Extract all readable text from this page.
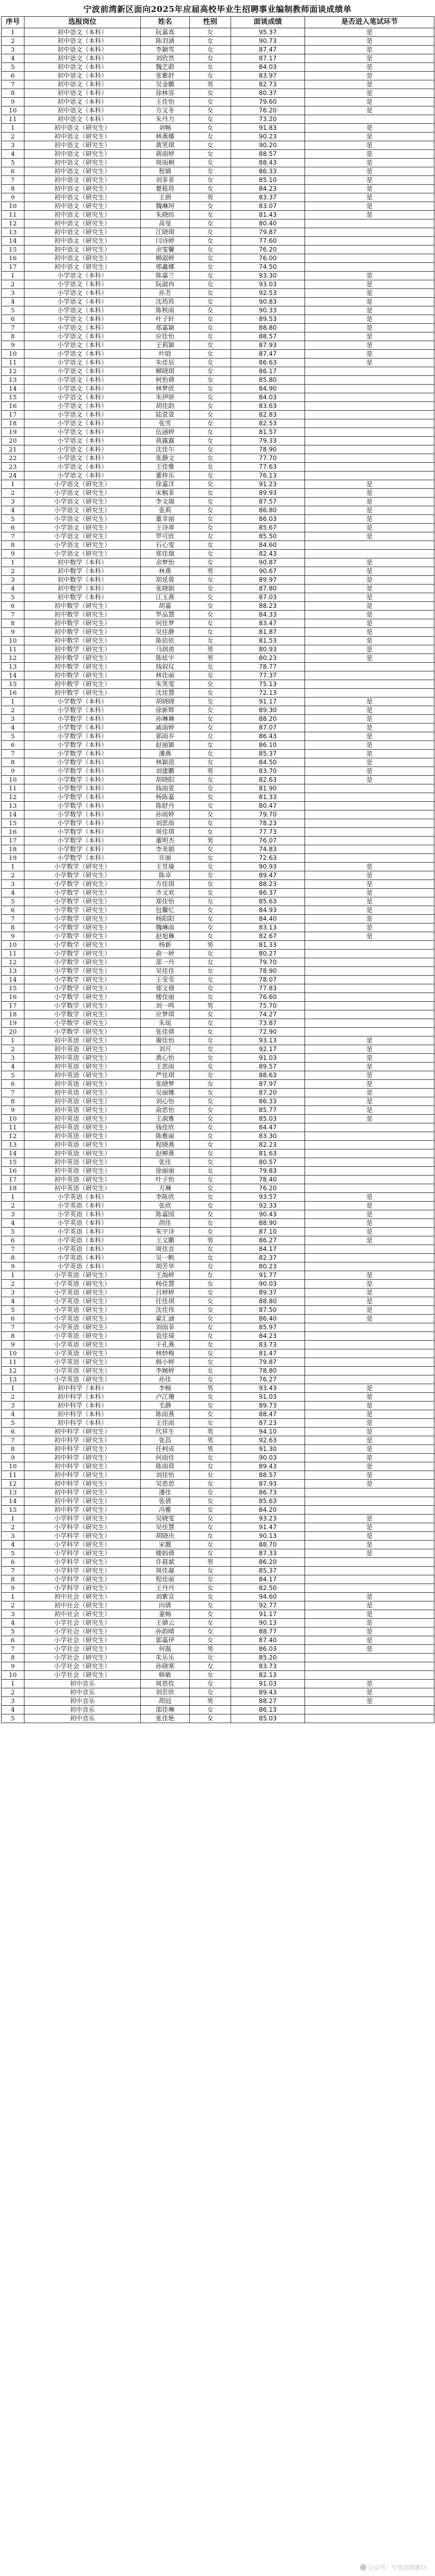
宁波前湾新区面向2025年应届高校毕业生招聘事业编制教师面谈成绩单
序号	选报岗位	姓名	性别	面谈成绩	是否进入笔试环节
1	初中语文（本科）	阮嘉真	女	95.37	是
2	初中语文（本科）	陈羽涵	女	90.73	是
3	初中语文（本科）	李颖雪	女	87.47	是
4	初中语文（本科）	刘欣然	女	87.17	是
5	初中语文（本科）	魏艺蔚	女	84.03	是
6	初中语文（本科）	张紫舒	女	83.97	是
7	初中语文（本科）	吴金鹏	男	82.73	是
8	初中语文（本科）	徐林容	女	80.37	是
9	初中语文（本科）	王佳怡	女	79.60	是
10	初中语文（本科）	方文冬	女	76.20	是
11	初中语文（本科）	朱丹力	女	73.20	
1	初中语文（研究生）	刘畅	女	91.83	是
2	初中语文（研究生）	林燕娜	女	90.23	是
3	初中语文（研究生）	黄笑琪	女	90.20	是
4	初中语文（研究生）	蒋雨婷	女	88.57	是
5	初中语文（研究生）	周雨桐	女	88.43	是
6	初中语文（研究生）	程婧	女	86.33	是
7	初中语文（研究生）	刘菲菲	女	85.10	是
8	初中语文（研究生）	楚筱筠	女	84.23	是
9	初中语文（研究生）	王朗	男	83.37	是
10	初中语文（研究生）	魏琳珂	女	83.07	是
11	初中语文（研究生）	朱晓纺	女	81.43	是
12	初中语文（研究生）	高旻	女	80.40	
13	初中语文（研究生）	江晓琪	女	79.87	
14	初中语文（研究生）	闫诗婷	女	77.60	
15	初中语文（研究生）	余雯馨	女	76.20	
16	初中语文（研究生）	柳淑婷	女	76.00	
17	初中语文（研究生）	邢鑫娜	女	74.50	
1	小学语文（本科）	陈嘉兰	女	93.30	是
2	小学语文（本科）	阮淑冉	女	93.03	是
3	小学语文（本科）	孙芳	女	92.53	是
4	小学语文（本科）	沈筠筠	女	90.83	是
5	小学语文（本科）	陈秋雨	女	90.33	是
6	小学语文（本科）	叶子轩	女	89.53	是
7	小学语文（本科）	郑嘉颖	女	88.80	是
8	小学语文（本科）	应佳怡	女	88.57	是
9	小学语文（本科）	王莉颖	女	87.93	是
10	小学语文（本科）	叶晗	女	87.47	是
11	小学语文（本科）	朱佳辰	女	86.63	是
12	小学语文（本科）	柳晓琪	女	86.17	
13	小学语文（本科）	柯怡倩	女	85.80	
14	小学语文（本科）	林梦欣	女	84.90	
15	小学语文（本科）	朱伊妍	女	84.03	
16	小学语文（本科）	胡佳韵	女	83.63	
17	小学语文（本科）	陆萱萱	女	82.83	
18	小学语文（本科）	张雪	女	82.53	
19	小学语文（本科）	伍涵婷	女	81.57	
20	小学语文（本科）	蒋露露	女	79.33	
21	小学语文（本科）	沈佳尔	女	78.90	
22	小学语文（本科）	张静文	女	77.70	
23	小学语文（本科）	王佳雅	女	77.63	
24	小学语文（本科）	董梓乐	女	76.13	
1	小学语文（研究生）	徐嘉洋	女	91.23	是
2	小学语文（研究生）	宋枫菲	女	89.93	是
3	小学语文（研究生）	李文瑞	女	87.57	是
4	小学语文（研究生）	张莉	女	86.80	是
5	小学语文（研究生）	董幸丽	女	86.03	是
6	小学语文（研究生）	王诗翠	女	85.67	是
7	小学语文（研究生）	罗可欣	女	85.50	是
8	小学语文（研究生）	石心雯	女	84.60	
9	小学语文（研究生）	郑佳瑞	女	82.43	
1	初中数学（本科）	余梦怡	女	90.87	是
2	初中数学（本科）	林燕	男	90.67	是
3	初中数学（本科）	胡延蓉	女	89.97	是
4	初中数学（本科）	张晓娟	女	87.80	是
5	初中数学（本科）	江玉燕	女	87.03	是
6	初中数学（研究生）	胡嘉	女	88.23	是
7	初中数学（研究生）	罗品慧	女	84.33	是
8	初中数学（研究生）	何佳梦	女	83.47	是
9	初中数学（研究生）	吴佳静	女	81.87	是
10	初中数学（研究生）	陈依依	女	81.53	是
11	初中数学（研究生）	马润甫	男	80.93	是
12	初中数学（研究生）	陈炫宇	男	80.23	是
13	初中数学（研究生）	钱叙仪	女	78.77	
14	初中数学（研究生）	林佳丽	女	77.37	
15	初中数学（研究生）	朱笑雯	女	75.13	
16	初中数学（研究生）	沈佳慧	女	72.13	
1	小学数学（本科）	胡晓晓	女	91.17	是
2	小学数学（本科）	徐新辉	女	89.30	是
3	小学数学（本科）	孙琳琳	女	88.20	是
4	小学数学（本科）	戚雨婷	女	87.07	是
5	小学数学（本科）	郭雨乔	女	86.43	是
6	小学数学（本科）	赵丽颖	女	86.10	是
7	小学数学（本科）	潘燕	女	85.37	是
8	小学数学（本科）	林颖茵	女	84.50	是
9	小学数学（本科）	刘建鹏	男	83.70	是
10	小学数学（本科）	胡晓阳	女	82.63	是
11	小学数学（本科）	钱雨萱	女	81.90	
12	小学数学（本科）	杨陈嘉	女	81.33	
13	小学数学（本科）	陈舒丹	女	80.47	
14	小学数学（本科）	孙雨婷	女	79.70	
15	小学数学（本科）	刘思雨	女	78.23	
16	小学数学（本科）	周佳琪	女	77.73	
17	小学数学（本科）	董明杰	男	76.07	
18	小学数学（本科）	李美娟	女	74.83	
19	小学数学（本科）	许丽	女	72.63	
1	小学数学（研究生）	王昱瑜	女	90.93	是
2	小学数学（研究生）	陈卓	女	89.47	是
3	小学数学（研究生）	方佳琪	女	88.23	是
4	小学数学（研究生）	齐文欢	女	86.37	是
5	小学数学（研究生）	郑佳怡	女	85.63	是
6	小学数学（研究生）	包馨忆	女	84.93	是
7	小学数学（研究生）	杨阳阳	女	84.40	是
8	小学数学（研究生）	魏琳雨	女	83.13	是
9	小学数学（研究生）	赵旭琳	女	82.67	是
10	小学数学（研究生）	杨新	男	81.33	
11	小学数学（研究生）	俞一婷	女	80.27	
12	小学数学（研究生）	邵一丹	女	79.70	
13	小学数学（研究生）	吴佳佳	女	78.90	
14	小学数学（研究生）	王莹莹	女	78.07	
15	小学数学（研究生）	郑文倩	女	77.83	
16	小学数学（研究生）	楼佳丽	女	76.60	
17	小学数学（研究生）	刘一鸣	男	75.70	
18	小学数学（研究生）	应梦琪	女	74.27	
19	小学数学（研究生）	朱瑶	女	73.87	
20	小学数学（研究生）	张佳倩	女	72.90	
1	初中英语（研究生）	谢佳怡	女	93.13	是
2	初中英语（研究生）	刘月	女	92.17	是
3	初中英语（研究生）	黄心怡	女	91.03	是
4	初中英语（研究生）	王思雨	女	89.57	是
5	初中英语（研究生）	严佳琪	女	88.63	是
6	初中英语（研究生）	张晓梦	女	87.97	是
7	初中英语（研究生）	吴丽娜	女	87.20	是
8	初中英语（研究生）	刘心怡	女	86.33	是
9	初中英语（研究生）	俞思怡	女	85.77	是
10	初中英语（研究生）	王淑雅	女	85.03	是
11	初中英语（研究生）	钱佳欣	女	84.47	
12	初中英语（研究生）	陈雅丽	女	83.30	
13	初中英语（研究生）	程晓燕	女	82.23	
14	初中英语（研究生）	赵柳燕	女	81.63	
15	初中英语（研究生）	张佳	女	80.57	
16	初中英语（研究生）	徐丽丽	女	79.83	
17	初中英语（研究生）	叶子怡	女	78.40	
18	初中英语（研究生）	方琳	女	76.20	
1	小学英语（本科）	李陈欣	女	93.57	是
2	小学英语（本科）	张欣	女	92.33	是
3	小学英语（本科）	陈嘉园	女	90.43	是
4	小学英语（本科）	胡佳	女	88.90	是
5	小学英语（本科）	朱宇诗	女	87.10	是
6	小学英语（本科）	王文鹏	男	86.27	是
7	小学英语（本科）	周佳音	女	84.17	
8	小学英语（本科）	吴一帆	女	82.37	
9	小学英语（本科）	胡芳华	女	80.23	
1	小学英语（研究生）	王海婷	女	91.77	是
2	小学英语（研究生）	杨佳慧	女	90.03	是
3	小学英语（研究生）	吕婷婷	女	89.37	是
4	小学英语（研究生）	任佳琪	女	88.80	是
5	小学英语（研究生）	沈佳伟	女	87.50	是
6	小学英语（研究生）	翟汇涵	女	86.40	是
7	小学英语（研究生）	刘雨菲	女	85.97	
8	小学英语（研究生）	袁佳琦	女	84.23	
9	小学英语（研究生）	于孔燕	女	83.73	
10	小学英语（研究生）	林妙梅	女	81.47	
11	小学英语（研究生）	韩小婷	女	79.87	
12	小学英语（研究生）	李婉婷	女	78.80	
13	小学英语（研究生）	孙佳	女	76.27	
1	初中科学（本科）	李畅	男	93.43	是
2	初中科学（本科）	卢江珊	女	91.03	是
3	初中科学（本科）	毛静	女	89.73	是
4	初中科学（本科）	陈雨燕	女	88.47	是
5	初中科学（本科）	王佳雨	女	87.23	是
6	初中科学（研究生）	代祥生	男	94.10	是
7	初中科学（研究生）	张昌	男	92.63	是
8	初中科学（研究生）	任柯成	男	91.30	是
9	初中科学（研究生）	何雨佳	女	90.03	是
10	初中科学（研究生）	陈雨荷	女	89.43	是
11	初中科学（研究生）	刘佳怡	女	88.57	是
12	初中科学（研究生）	吴思思	女	87.93	是
13	初中科学（研究生）	潘佳	女	86.73	
14	初中科学（研究生）	张倩	女	85.63	
15	初中科学（研究生）	冯雅	女	84.20	
1	小学科学（研究生）	吴晓雯	女	93.23	是
2	小学科学（研究生）	吴佳慧	女	91.47	是
3	小学科学（研究生）	胡晓庆	女	90.13	是
4	小学科学（研究生）	宋靓	女	88.70	是
5	小学科学（研究生）	楼妈倩	女	87.33	是
6	小学科学（研究生）	许晨斌	男	86.20	
7	小学科学（研究生）	周佳凝	女	85.37	
8	小学科学（研究生）	程佳丽	女	84.17	
9	小学科学（研究生）	王丹丹	女	82.50	
1	初中社会（研究生）	刘紫宣	女	94.60	是
2	初中社会（研究生）	向倩	女	92.77	是
3	初中社会（研究生）	童畅	女	91.17	是
4	小学社会（研究生）	王婧云	女	90.13	是
5	小学社会（研究生）	孙韵晴	女	88.77	是
6	小学社会（研究生）	郭嘉伊	女	87.40	是
7	小学社会（研究生）	何磊	男	86.03	是
8	小学社会（研究生）	朱乐乐	女	85.20	
9	小学社会（研究生）	孙晓寒	女	83.73	
10	小学社会（研究生）	韩敏	女	82.13	
1	初中音乐	周思钦	女	91.03	是
2	初中音乐	刘若欣	女	89.43	是
3	初中音乐	胡冠	男	88.27	是
4	初中音乐	邵佳琳	女	86.13	
5	初中音乐	张佳艳	女	85.03	
公众号 · 宁波前湾新区
